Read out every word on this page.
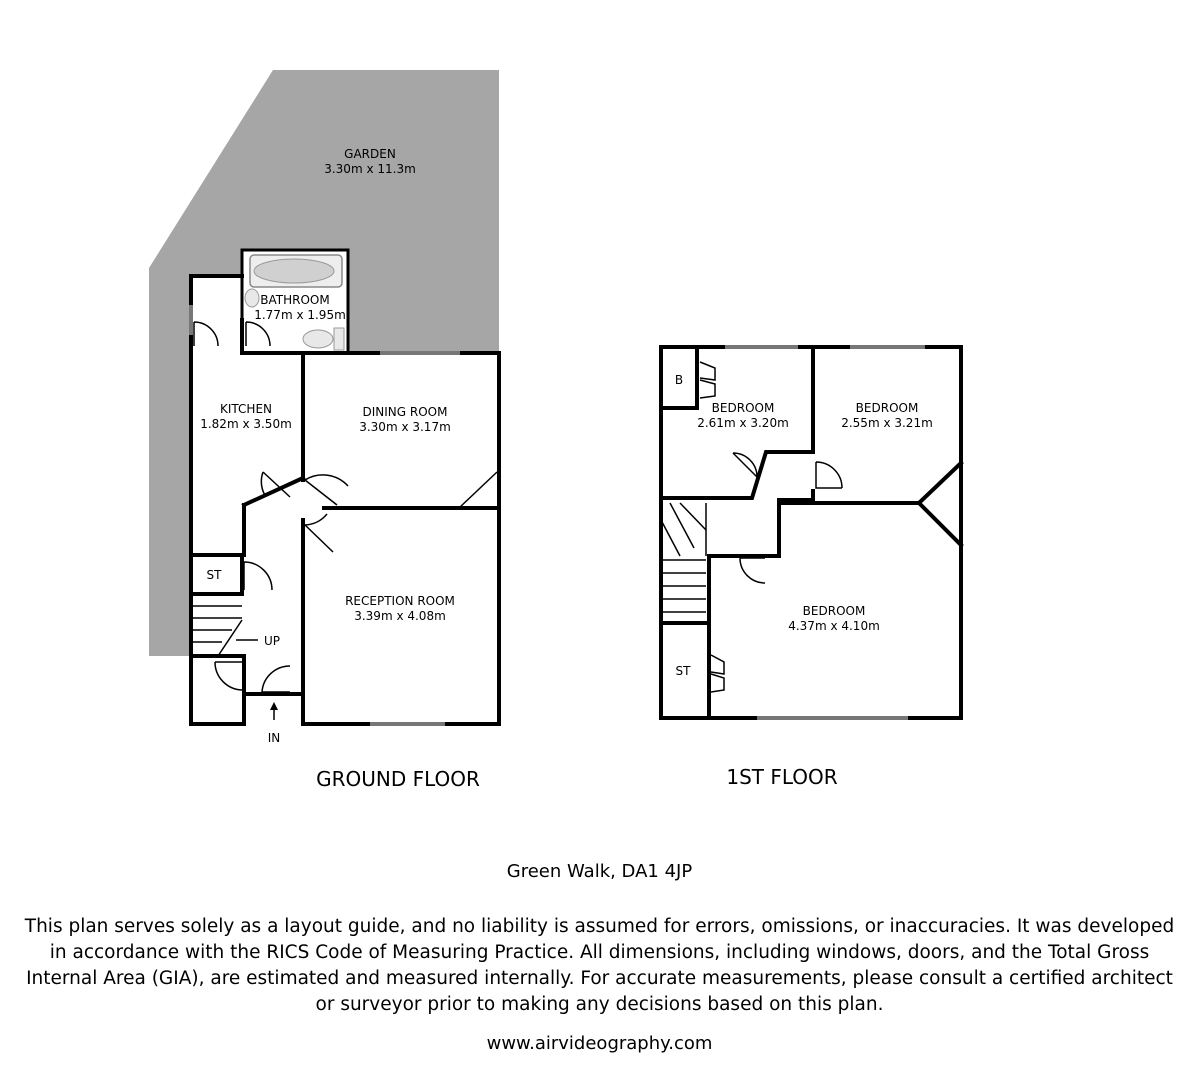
GARDEN
3.30m x 11.3m
BATHROOM
1.77m x 1.95m
KITCHEN
1.82m x 3.50m
ST
UP
IN
DINING ROOM
3.30m x 3.17m
RECEPTION ROOM
3.39m x 4.08m
GROUND FLOOR
B
BEDROOM
2.61m x 3.20m
BEDROOM
2.55m x 3.21m
BEDROOM
4.37m x 4.10m
ST
1ST FLOOR
Green Walk, DA1 4JP
This plan serves solely as a layout guide, and no liability is assumed for errors, omissions, or inaccuracies. It was developed in accordance with the RICS Code of Measuring Practice. All dimensions, including windows, doors, and the Total Gross Internal Area (GIA), are estimated and measured internally. For accurate measurements, please consult a certified architect or surveyor prior to making any decisions based on this plan.
www.airvideography.com
